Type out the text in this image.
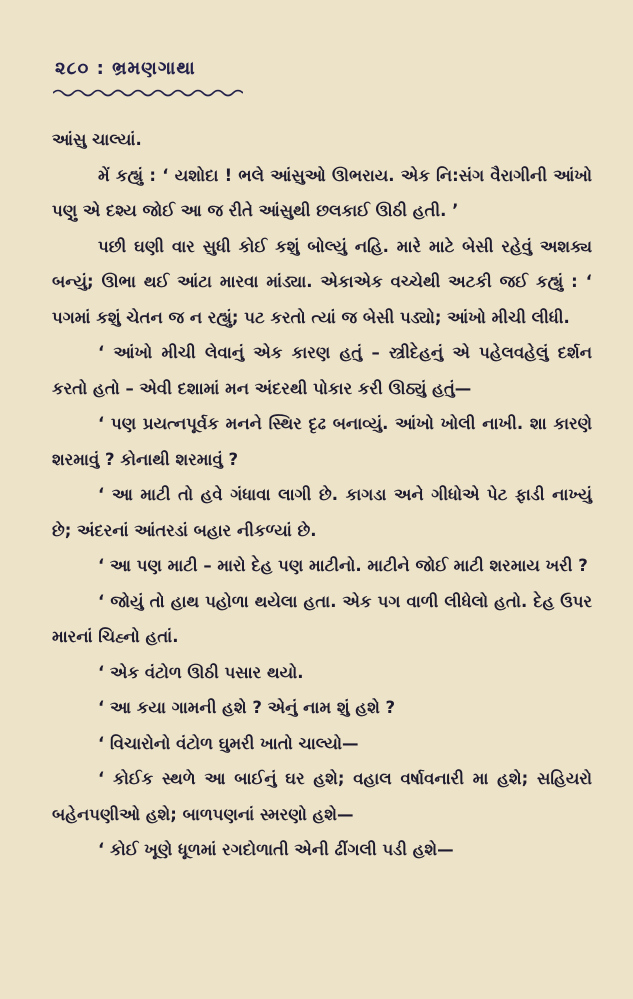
૨૮૦ : ભ્રમણગાથા

આંસુ ચાલ્યાં.

મેં કહ્યું : ‘ યશોદા ! ભલે આંસુઓ ઊભરાય. એક નિ:સંગ વૈરાગીની આંખો પણુ એ દશ્ય જોઈ આ જ રીતે આંસુથી છલકાઈ ઊઠી હતી. ’

પછી ઘણી વાર સુધી કોઈ કશું બોલ્યું નહિ. મારે માટે બેસી રહેવું અશક્ય બન્યું; ઊભા થઈ આંટા મારવા માંડ્યા. એકાએક વચ્ચેથી અટકી જઈ કહ્યું : ‘ પગમાં કશું ચેતન જ ન રહ્યું; પટ કરતો ત્યાં જ બેસી પડ્યો; આંખો મીચી લીધી.

‘ આંખો મીચી લેવાનું એક કારણ હતું – સ્ત્રીદેહનું એ પહેલવહેલું દર્શન કરતો હતો – એવી દશામાં મન અંદરથી પોકાર કરી ઊઠ્યું હતું—

‘ પણ પ્રયત્નપૂર્વક મનને સ્થિર દૃઢ બનાવ્યું. આંખો ખોલી નાખી. શા કારણે શરમાવું ? કોનાથી શરમાવું ?

‘ આ માટી તો હવે ગંધાવા લાગી છે. કાગડા અને ગીધોએ પેટ ફાડી નાખ્યું છે; અંદરનાં આંતરડાં બહાર નીકળ્યાં છે.

‘ આ પણ માટી – મારો દેહ પણ માટીનો. માટીને જોઈ માટી શરમાય ખરી ?

‘ જોયું તો હાથ પહોળા થયેલા હતા. એક પગ વાળી લીધેલો હતો. દેહ ઉપર મારનાં ચિહ્નો હતાં.

‘ એક વંટોળ ઊઠી પસાર થયો.

‘ આ કયા ગામની હશે ? એનું નામ શું હશે ?

‘ વિચારોનો વંટોળ ઘુમરી ખાતો ચાલ્યો—

‘ કોઈક સ્થળે આ બાઈનું ઘર હશે; વહાલ વર્ષાવનારી મા હશે; સહિયરો બહેનપણીઓ હશે; બાળપણનાં સ્મરણો હશે—

‘ કોઈ ખૂણે ધૂળમાં રગદોળાતી એની ઢીંગલી પડી હશે—
